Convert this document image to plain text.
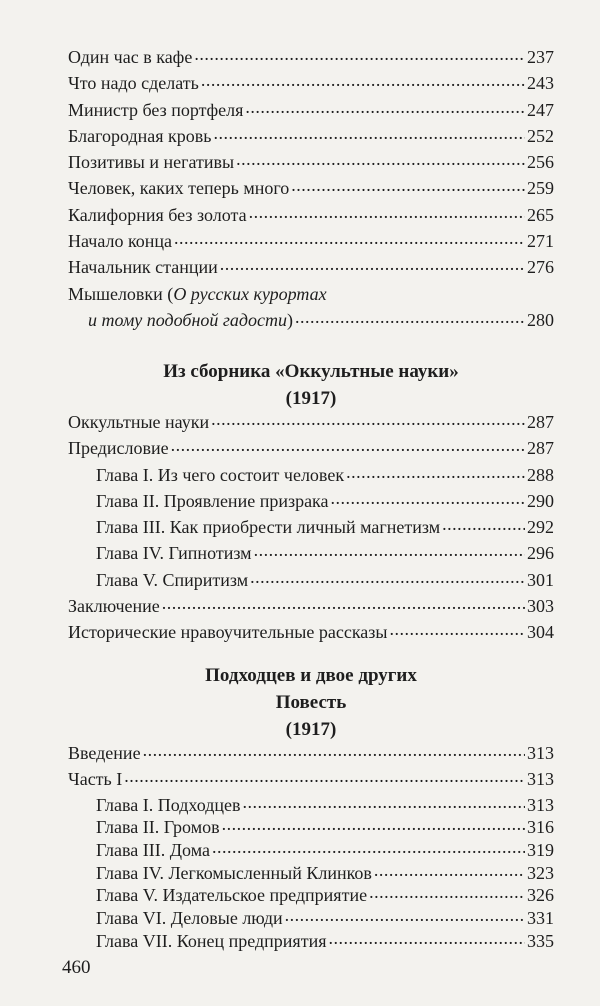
Один час в кафе .....	237
Что надо сделать .....	243
Министр без портфеля .....	247
Благородная кровь .....	252
Позитивы и негативы .....	256
Человек, каких теперь много .....	259
Калифорния без золота .....	265
Начало конца .....	271
Начальник станции .....	276
Мышеловки (О русских курортах
и тому подобной гадости ) .....	280
Из сборника «Оккультные науки»
(1917)
Оккультные науки .....	287
Предисловие .....	287
Глава I. Из чего состоит человек .....	288
Глава II. Проявление призрака .....	290
Глава III. Как приобрести личный магнетизм .....	292
Глава IV. Гипнотизм .....	296
Глава V. Спиритизм .....	301
Заключение .....	303
Исторические нравоучительные рассказы .....	304
Подходцев и двое других
Повесть
(1917)
Введение .....	313
Часть I .....	313
Глава I. Подходцев .....	313
Глава II. Громов .....	316
Глава III. Дома .....	319
Глава IV. Легкомысленный Клинков .....	323
Глава V. Издательское предприятие .....	326
Глава VI. Деловые люди .....	331
Глава VII. Конец предприятия .....	335
460
